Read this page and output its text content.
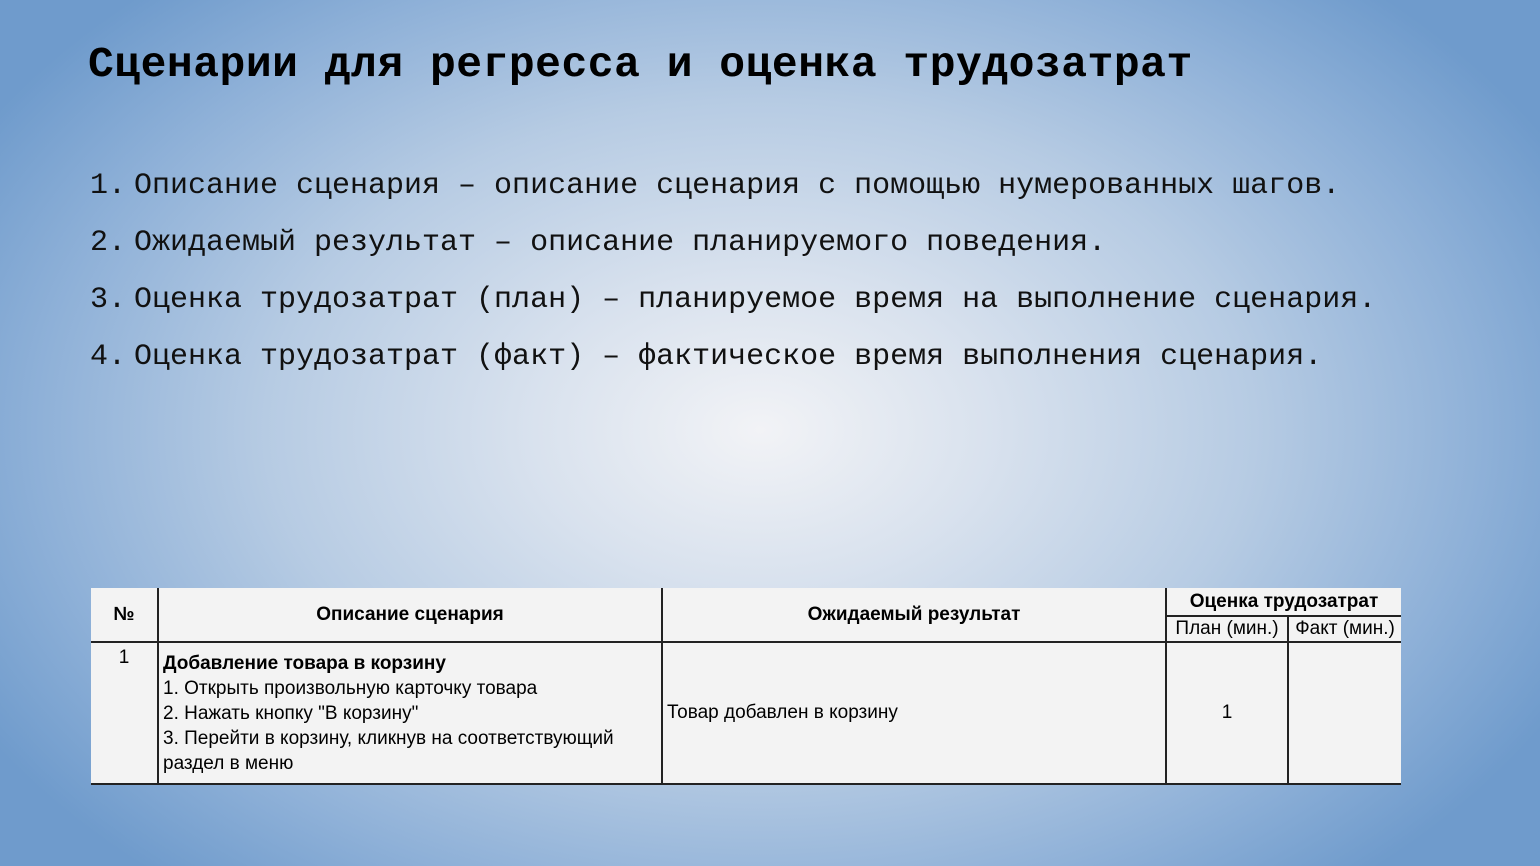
Сценарии для регресса и оценка трудозатрат
1. Описание сценария – описание сценария с помощью нумерованных шагов.
2. Ожидаемый результат – описание планируемого поведения.
3. Оценка трудозатрат (план) – планируемое время на выполнение сценария.
4. Оценка трудозатрат (факт) – фактическое время выполнения сценария.
№	Описание сценария	Ожидаемый результат	Оценка трудозатрат	
			План (мин.)	Факт (мин.)
1	Добавление товара в корзину
1. Открыть произвольную карточку товара
2. Нажать кнопку "В корзину"
3. Перейти в корзину, кликнув на соответствующий раздел в меню	Товар добавлен в корзину	1	
